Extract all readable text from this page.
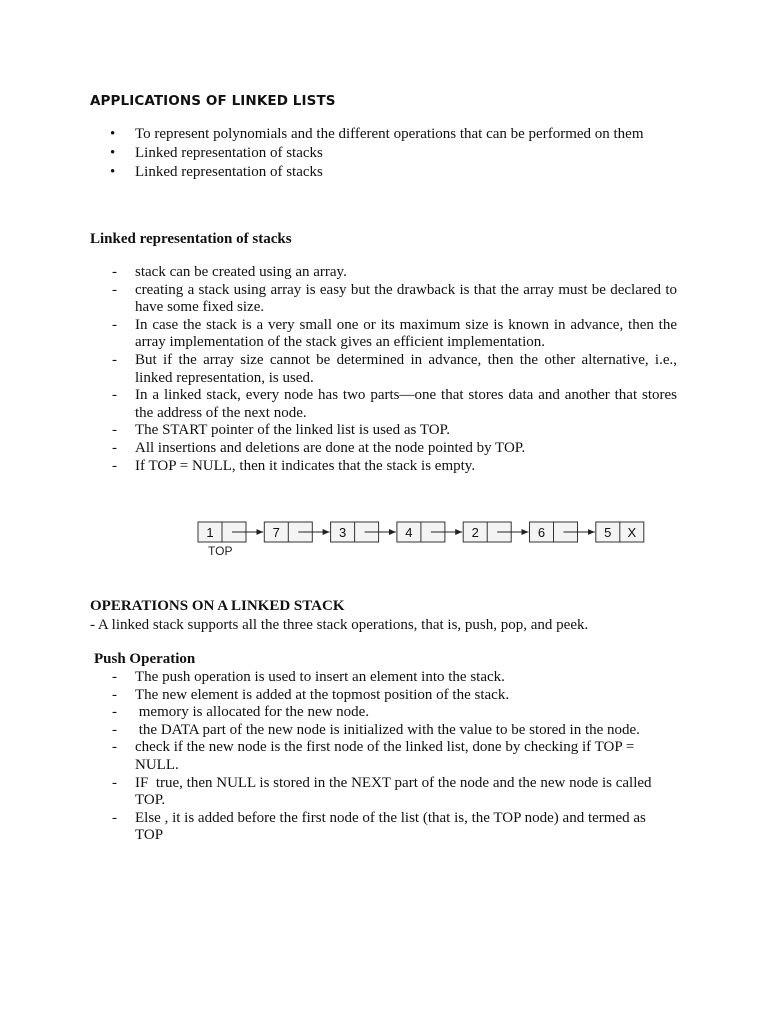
APPLICATIONS OF LINKED LISTS
• To represent polynomials and the different operations that can be performed on them
• Linked representation of stacks
• Linked representation of stacks
Linked representation of stacks
- stack can be created using an array.
- creating a stack using array is easy but the drawback is that the array must be declared to have some fixed size.
- In case the stack is a very small one or its maximum size is known in advance, then the array implementation of the stack gives an efficient implementation.
- But if the array size cannot be determined in advance, then the other alternative, i.e., linked representation, is used.
- In a linked stack, every node has two parts—one that stores data and another that stores the address of the next node.
- The START pointer of the linked list is used as TOP.
- All insertions and deletions are done at the node pointed by TOP.
- If TOP = NULL, then it indicates that the stack is empty.
1	7	3	4	2	6	5 X
TOP
OPERATIONS ON A LINKED STACK
- A linked stack supports all the three stack operations, that is, push, pop, and peek.
Push Operation
- The push operation is used to insert an element into the stack.
- The new element is added at the topmost position of the stack.
- memory is allocated for the new node.
- the DATA part of the new node is initialized with the value to be stored in the node.
- check if the new node is the first node of the linked list, done by checking if TOP = NULL.
- IF  true, then NULL is stored in the NEXT part of the node and the new node is called TOP.
- Else , it is added before the first node of the list (that is, the TOP node) and termed as TOP
